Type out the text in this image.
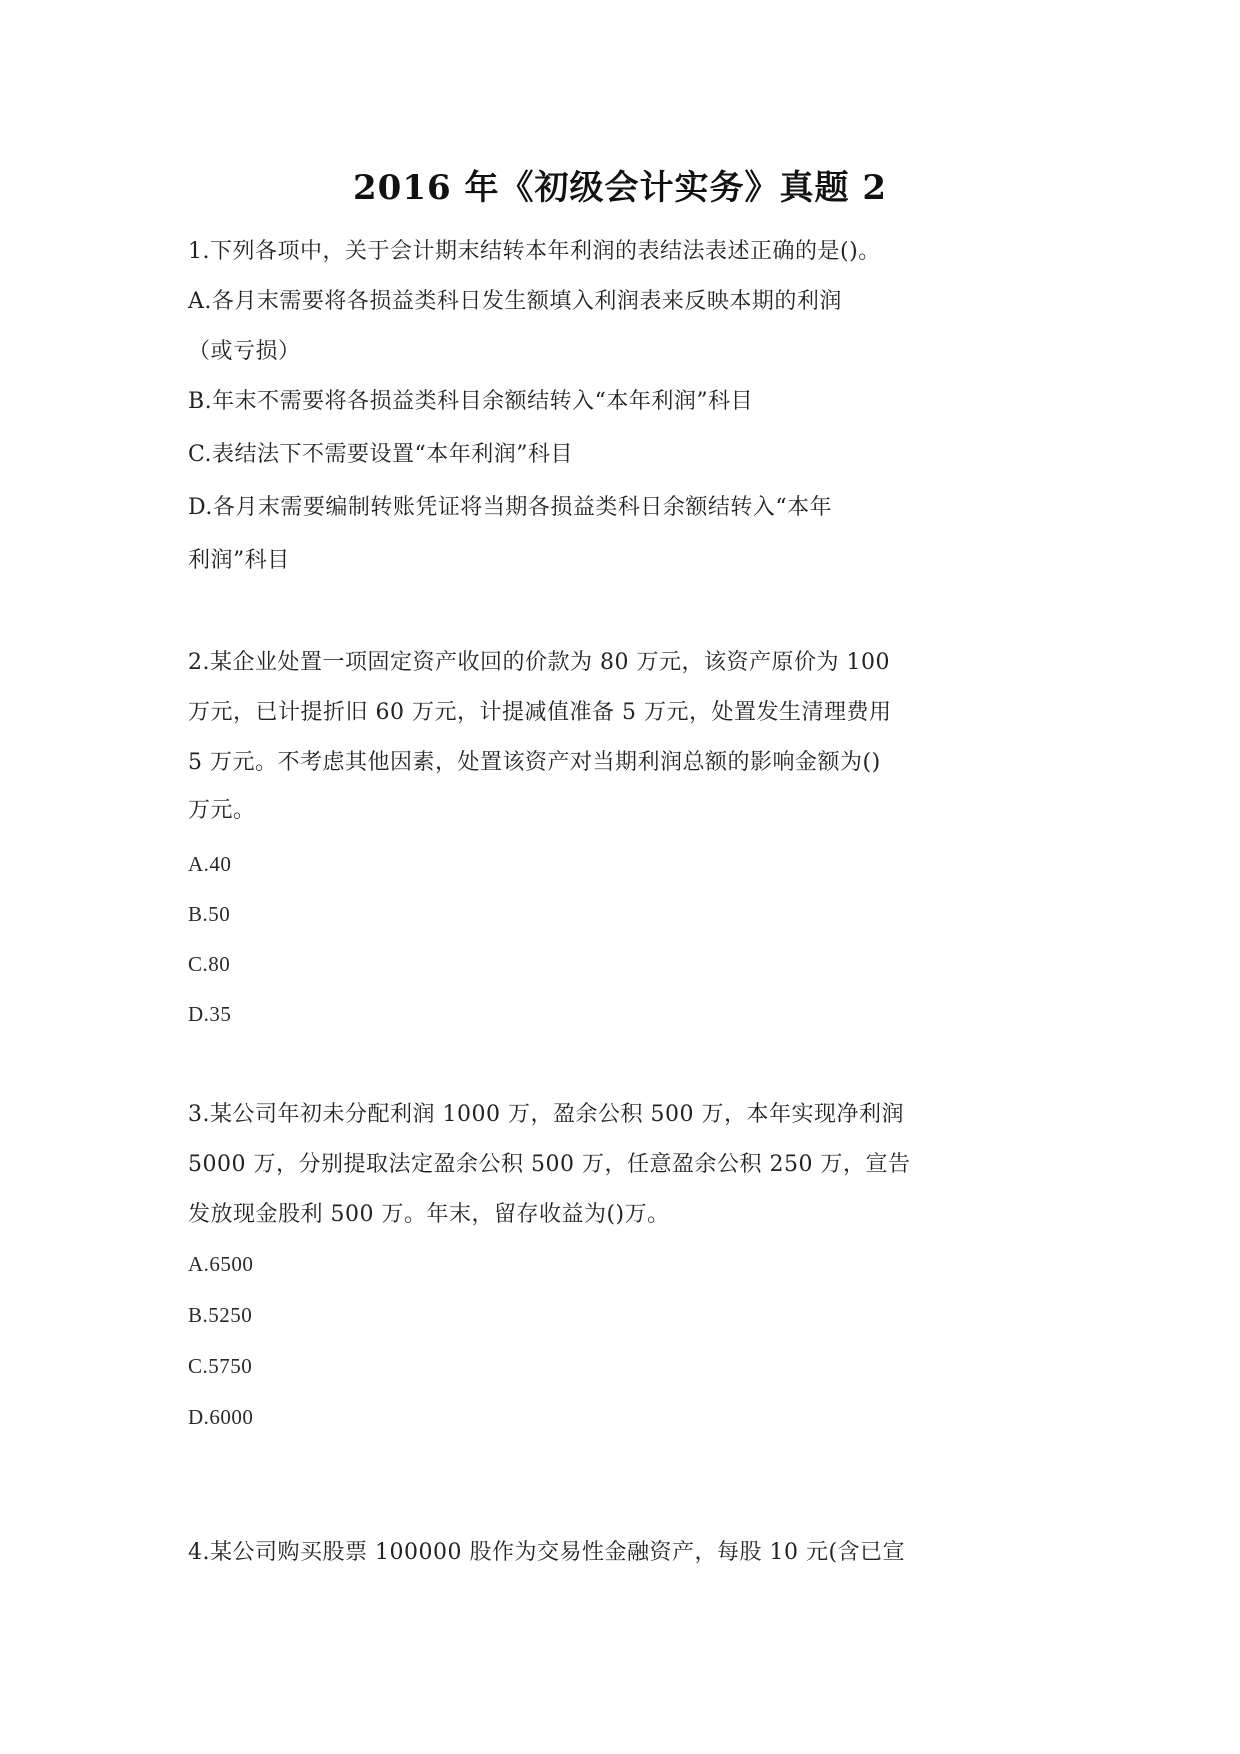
2016 年《初级会计实务》真题 2
1.下列各项中，关于会计期末结转本年利润的表结法表述正确的是()。
A.各月末需要将各损益类科日发生额填入利润表来反映本期的利润
（或亏损）
B.年末不需要将各损益类科目余额结转入“本年利润”科目
C.表结法下不需要设置“本年利润”科目
D.各月末需要编制转账凭证将当期各损益类科日余额结转入“本年
利润”科目
2.某企业处置一项固定资产收回的价款为 80 万元，该资产原价为 100
万元，已计提折旧 60 万元，计提减值准备 5 万元，处置发生清理费用
5 万元。不考虑其他因素，处置该资产对当期利润总额的影响金额为()
万元。
A.40
B.50
C.80
D.35
3.某公司年初未分配利润 1000 万，盈余公积 500 万，本年实现净利润
5000 万，分别提取法定盈余公积 500 万，任意盈余公积 250 万，宣告
发放现金股利 500 万。年末，留存收益为()万。
A.6500
B.5250
C.5750
D.6000
4.某公司购买股票 100000 股作为交易性金融资产，每股 10 元(含已宣
